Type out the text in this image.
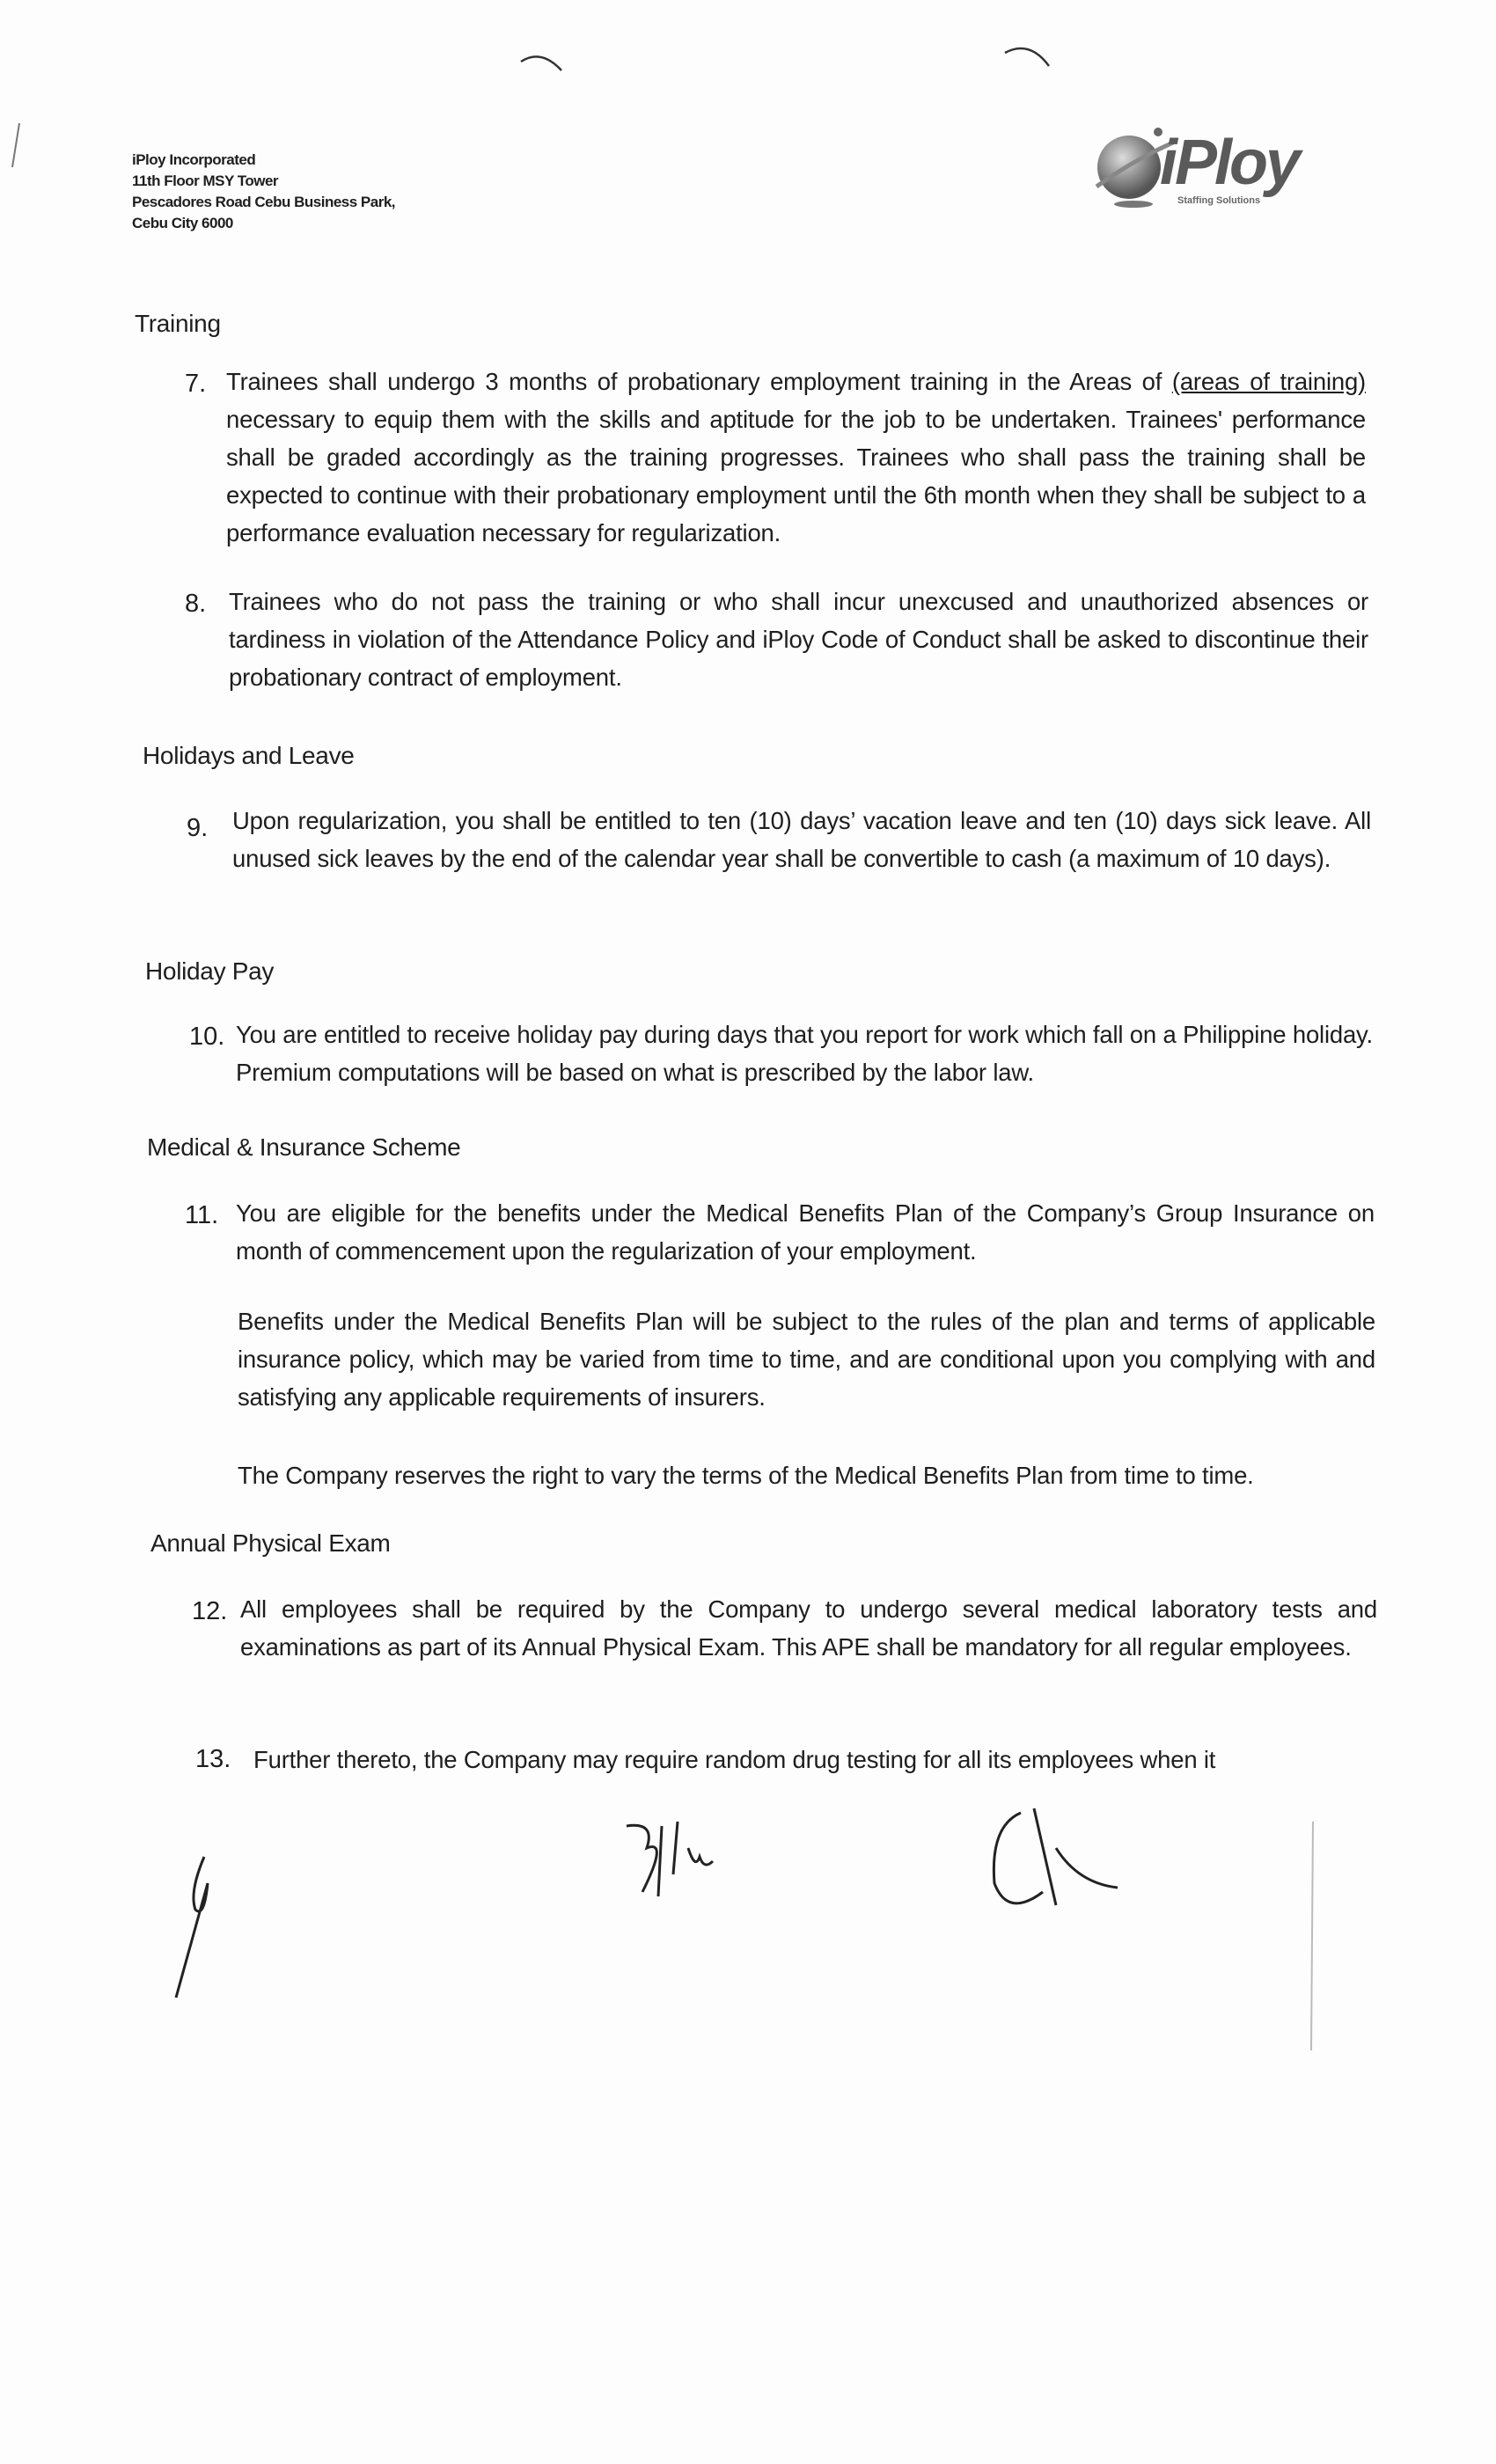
iPloy Incorporated
11th Floor MSY Tower
Pescadores Road Cebu Business Park,
Cebu City 6000
iPloy
Staffing Solutions
Training
7. Trainees shall undergo 3 months of probationary employment training in the Areas of (areas of training) necessary to equip them with the skills and aptitude for the job to be undertaken. Trainees' performance shall be graded accordingly as the training progresses. Trainees who shall pass the training shall be expected to continue with their probationary employment until the 6th month when they shall be subject to a performance evaluation necessary for regularization.
8. Trainees who do not pass the training or who shall incur unexcused and unauthorized absences or tardiness in violation of the Attendance Policy and iPloy Code of Conduct shall be asked to discontinue their probationary contract of employment.
Holidays and Leave
9. Upon regularization, you shall be entitled to ten (10) days’ vacation leave and ten (10) days sick leave. All unused sick leaves by the end of the calendar year shall be convertible to cash (a maximum of 10 days).
Holiday Pay
10. You are entitled to receive holiday pay during days that you report for work which fall on a Philippine holiday. Premium computations will be based on what is prescribed by the labor law.
Medical & Insurance Scheme
11. You are eligible for the benefits under the Medical Benefits Plan of the Company’s Group Insurance on month of commencement upon the regularization of your employment.
Benefits under the Medical Benefits Plan will be subject to the rules of the plan and terms of applicable insurance policy, which may be varied from time to time, and are conditional upon you complying with and satisfying any applicable requirements of insurers.
The Company reserves the right to vary the terms of the Medical Benefits Plan from time to time.
Annual Physical Exam
12. All employees shall be required by the Company to undergo several medical laboratory tests and examinations as part of its Annual Physical Exam. This APE shall be mandatory for all regular employees.
13. Further thereto, the Company may require random drug testing for all its employees when it
